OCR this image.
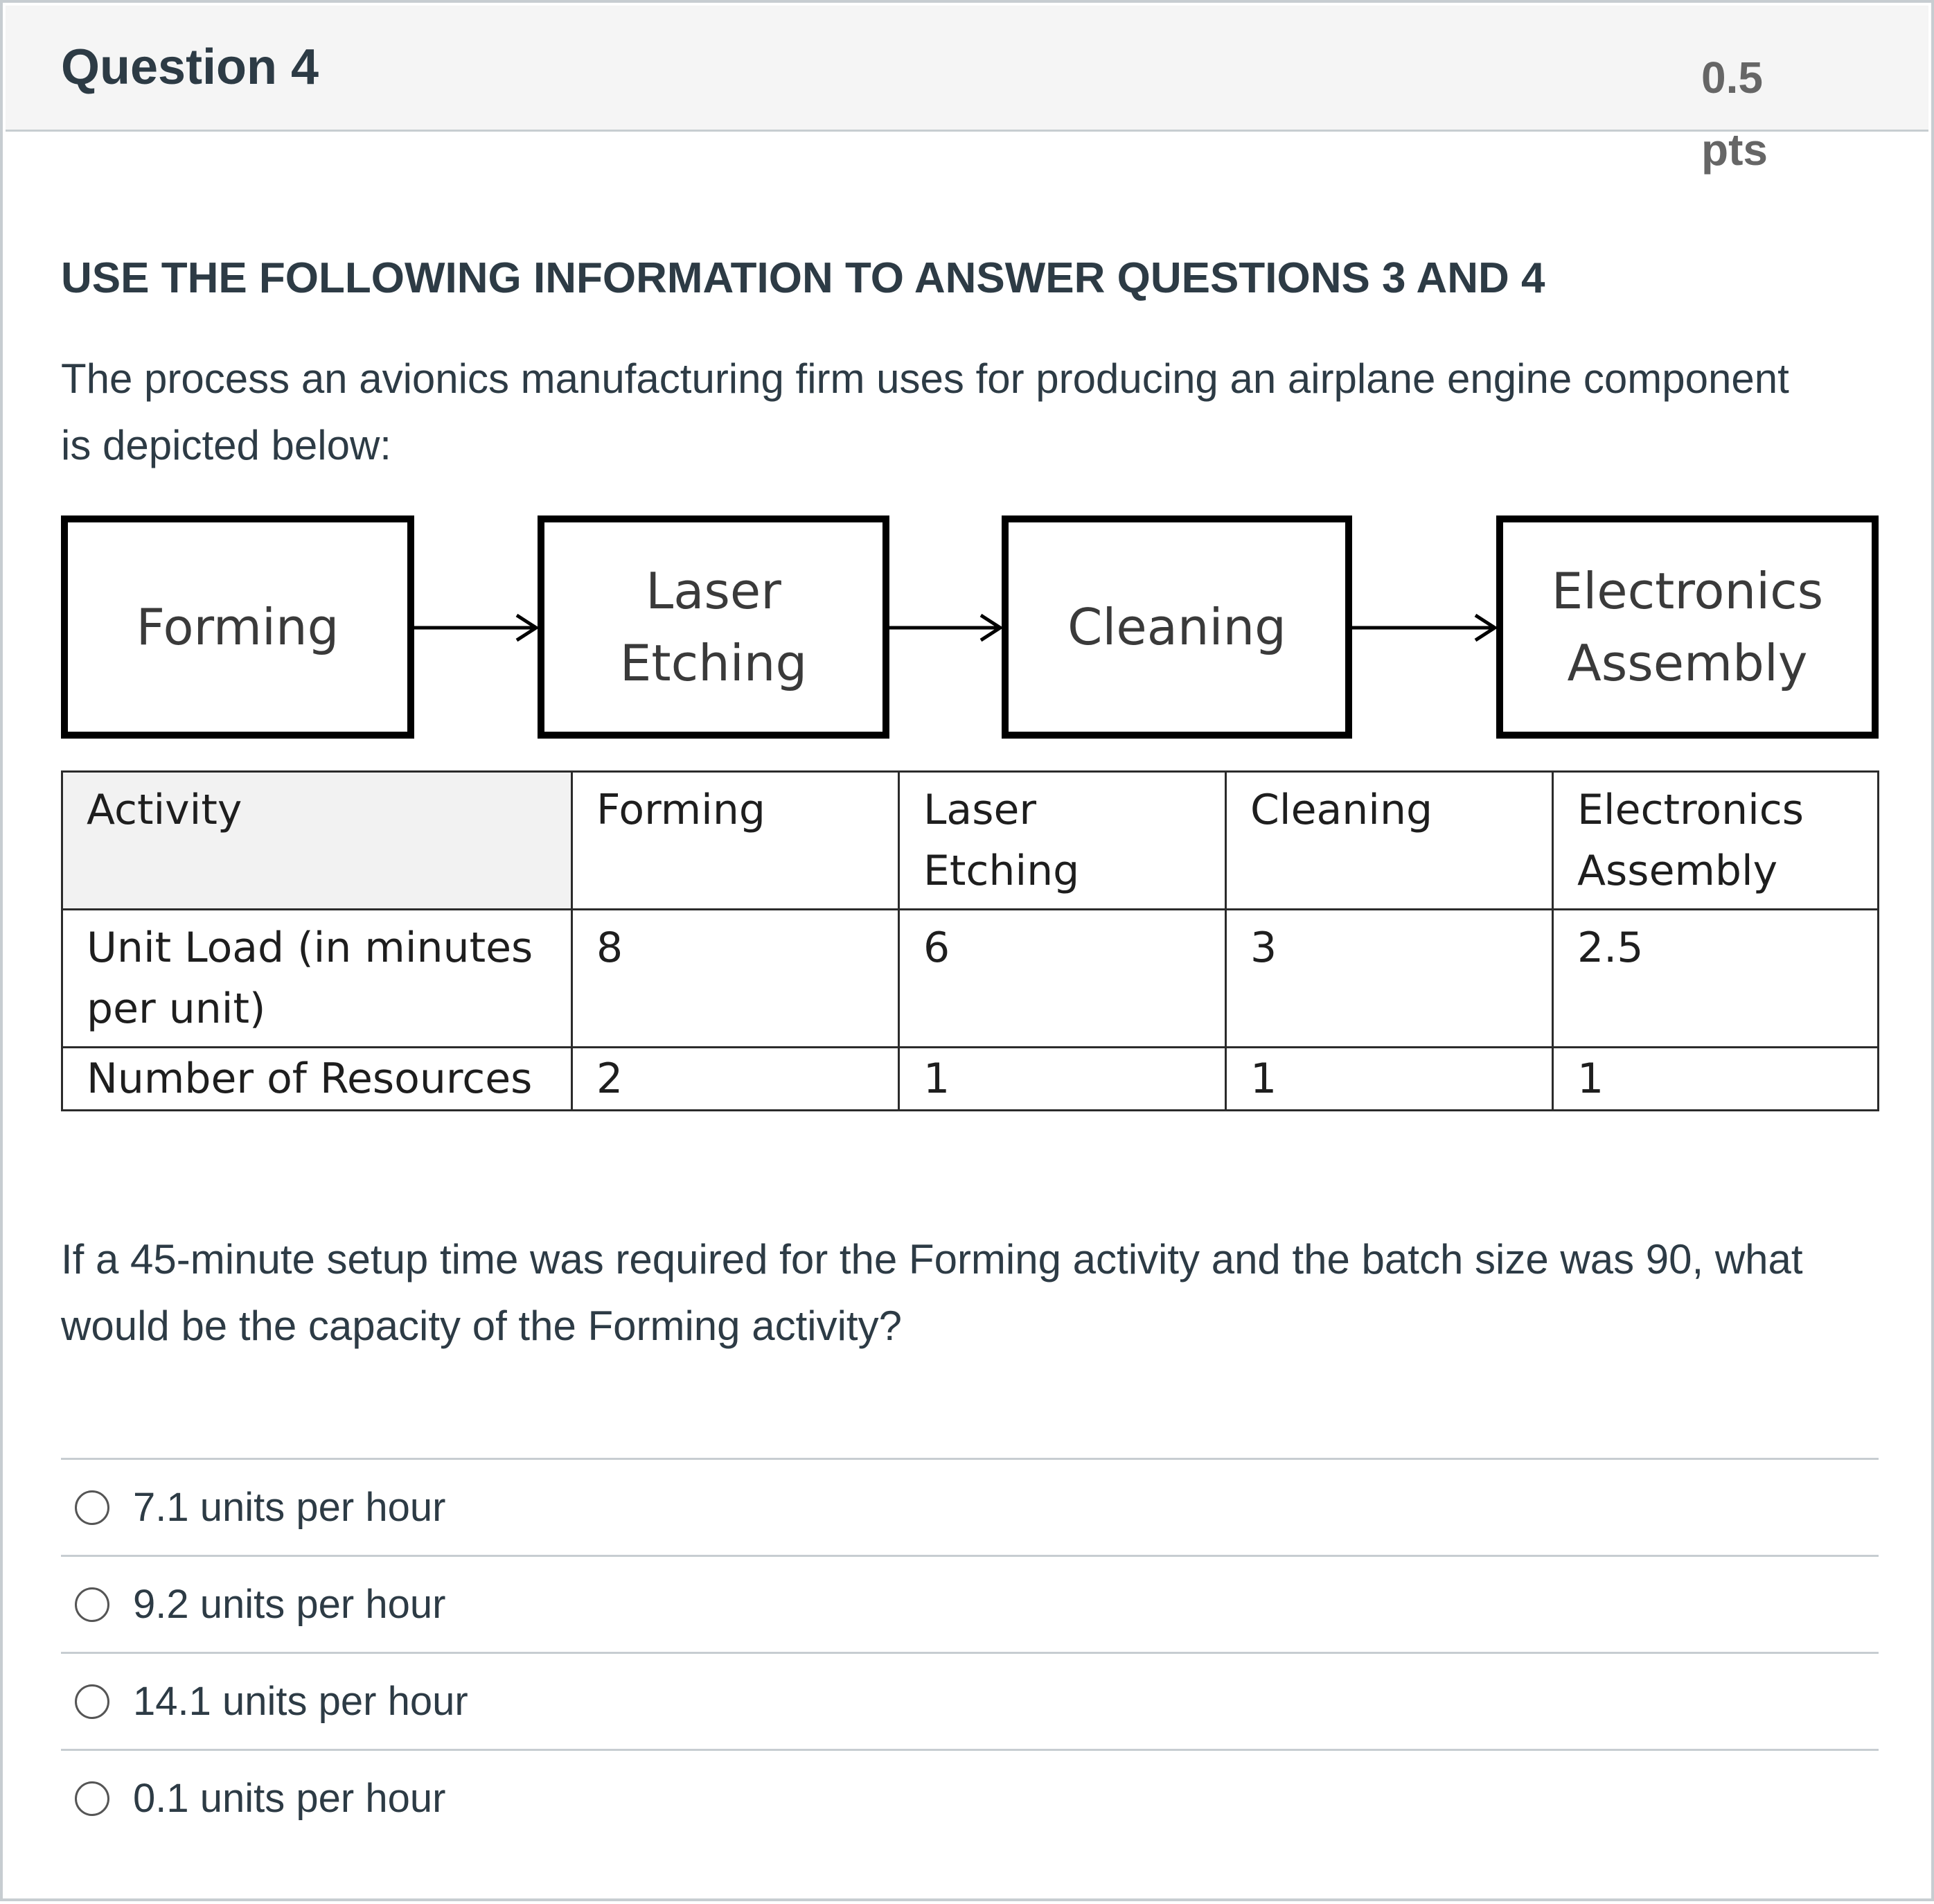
Question 4	0.5 pts
USE THE FOLLOWING INFORMATION TO ANSWER QUESTIONS 3 AND 4
The process an avionics manufacturing firm uses for producing an airplane engine component is depicted below:
Forming
Laser
Etching
Cleaning
Electronics
Assembly
Activity	Forming	Laser Etching	Cleaning	Electronics Assembly
Unit Load (in minutes per unit)	8	6	3	2.5
Number of Resources	2	1	1	1
If a 45-minute setup time was required for the Forming activity and the batch size was 90, what would be the capacity of the Forming activity?
7.1 units per hour
9.2 units per hour
14.1 units per hour
0.1 units per hour
